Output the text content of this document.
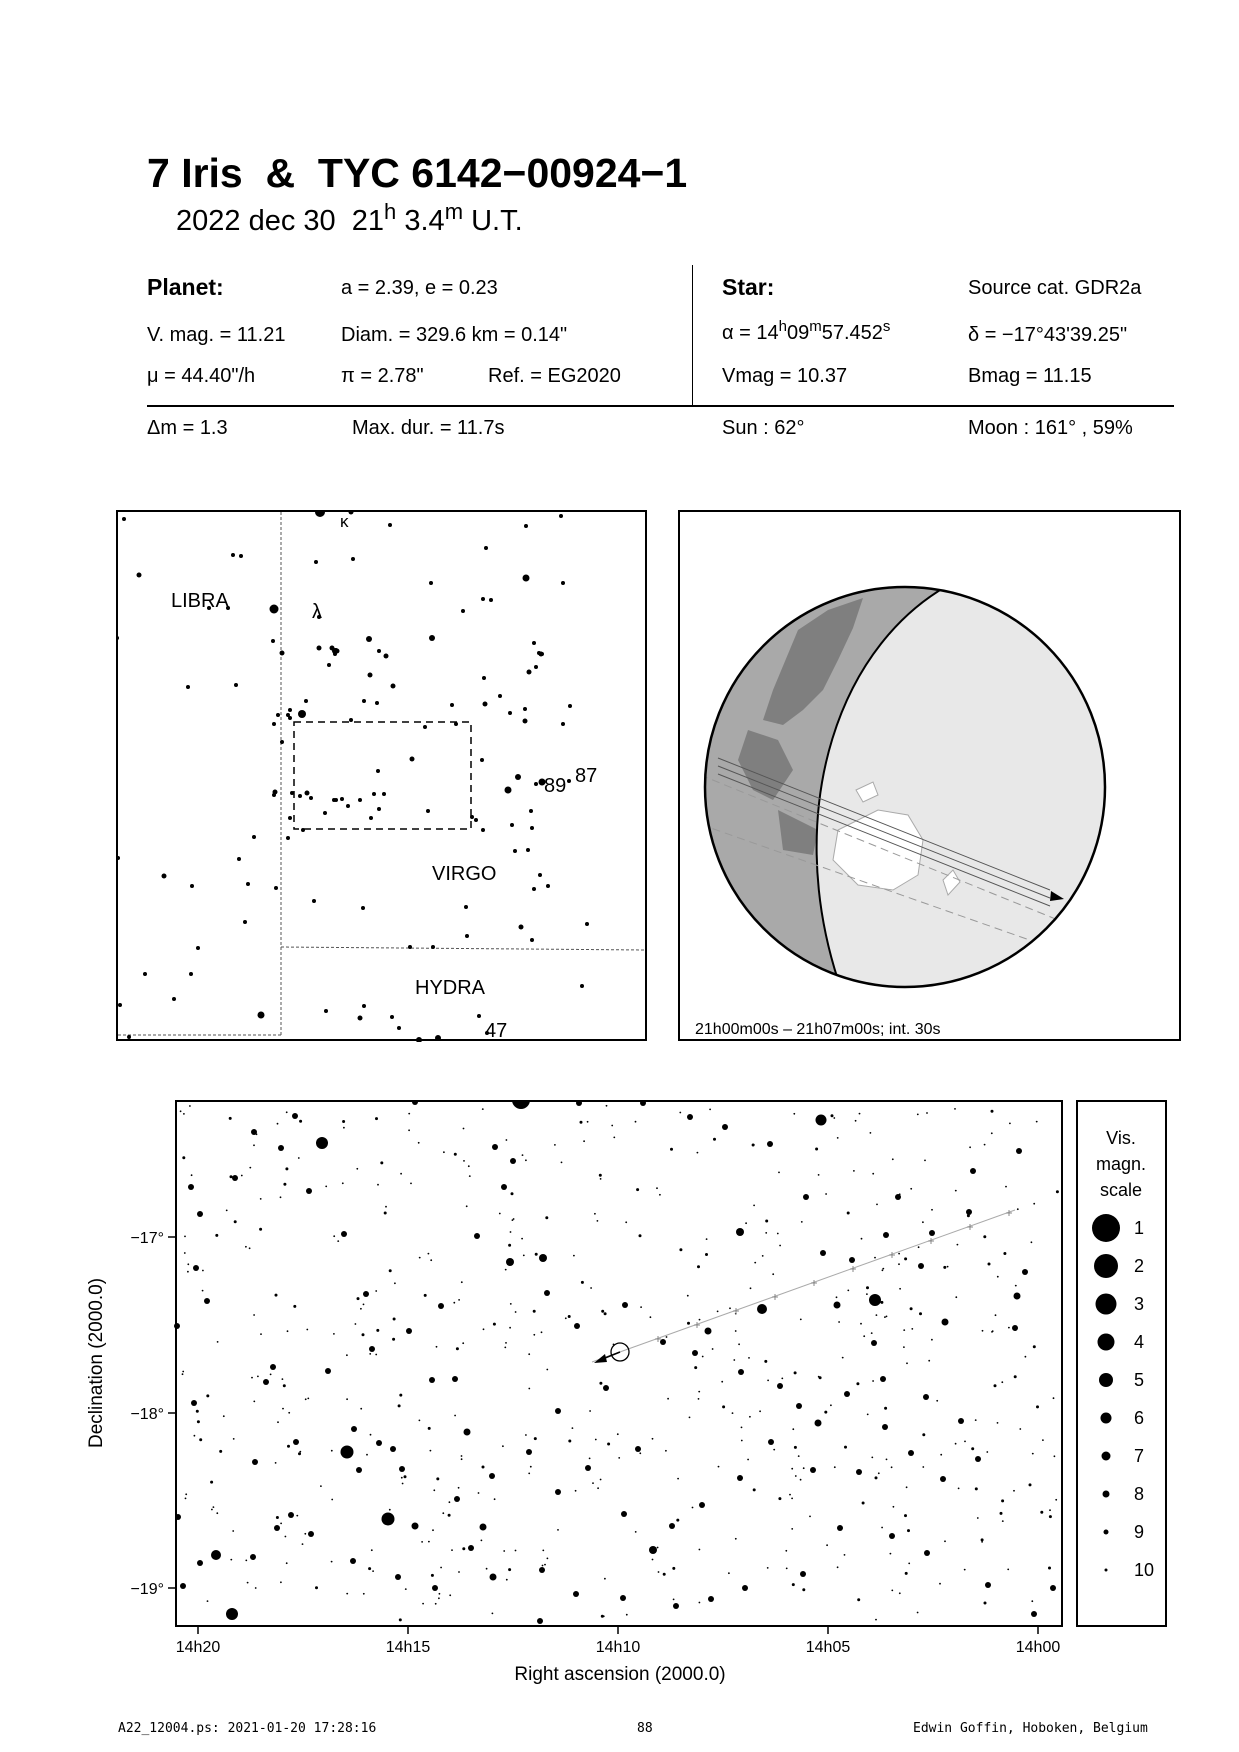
7 Iris  &  TYC 6142−00924−1
2022 dec 30 21$^h$ 3.4$^m$ U.T.
Planet:	a = 2.39, e = 0.23
V. mag. = 11.21	Diam. = 329.6 km = 0.14"
μ = 44.40"/h	π = 2.78"	Ref. = EG2020
Star:	Source cat. GDR2a
$\alpha = 14^h09^m57.452^s$	δ = −17°43'39.25"
Vmag = 10.37	Bmag = 11.15
Δm = 1.3	Max. dur. = 11.7s	Sun : 62°	Moon : 161° , 59%
LIBRA
VIRGO
HYDRA
κ
λ
89 87
47	21h00m00s – 21h07m00s; int. 30s
−17°
−18°
−19°
14h20	14h15	14h10	14h05	14h00
Right ascension (2000.0)
Declination (2000.0)
Vis.
magn.
scale
1
2
3
4
5
6
7
8
9
10
A22_12004.ps: 2021-01-20 17:28:16	88	Edwin Goffin, Hoboken, Belgium
